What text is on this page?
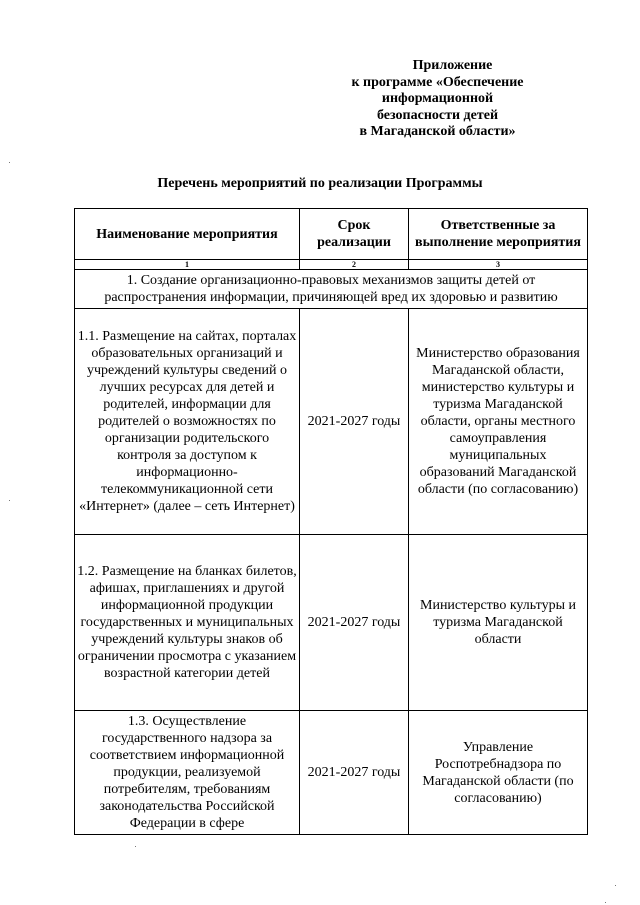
Приложение
к программе «Обеспечение
информационной
безопасности детей
в Магаданской области»
Перечень мероприятий по реализации Программы
Наименование мероприятия	Срок реализации	Ответственные за выполнение мероприятия
1	2	3
1. Создание организационно-правовых механизмов защиты детей от распространения информации, причиняющей вред их здоровью и развитию		
1.1. Размещение на сайтах, порталах образовательных организаций и учреждений культуры сведений о лучших ресурсах для детей и родителей, информации для родителей о возможностях по организации родительского контроля за доступом к информационно-телекоммуникационной сети «Интернет» (далее – сеть Интернет)	2021-2027 годы	Министерство образования Магаданской области, министерство культуры и туризма Магаданской области, органы местного самоуправления муниципальных образований Магаданской области (по согласованию)
1.2. Размещение на бланках билетов, афишах, приглашениях и другой информационной продукции государственных и муниципальных учреждений культуры знаков об ограничении просмотра с указанием возрастной категории детей	2021-2027 годы	Министерство культуры и туризма Магаданской области
1.3. Осуществление государственного надзора за соответствием информационной продукции, реализуемой потребителям, требованиям законодательства Российской Федерации в сфере	2021-2027 годы	Управление Роспотребнадзора по Магаданской области (по согласованию)
